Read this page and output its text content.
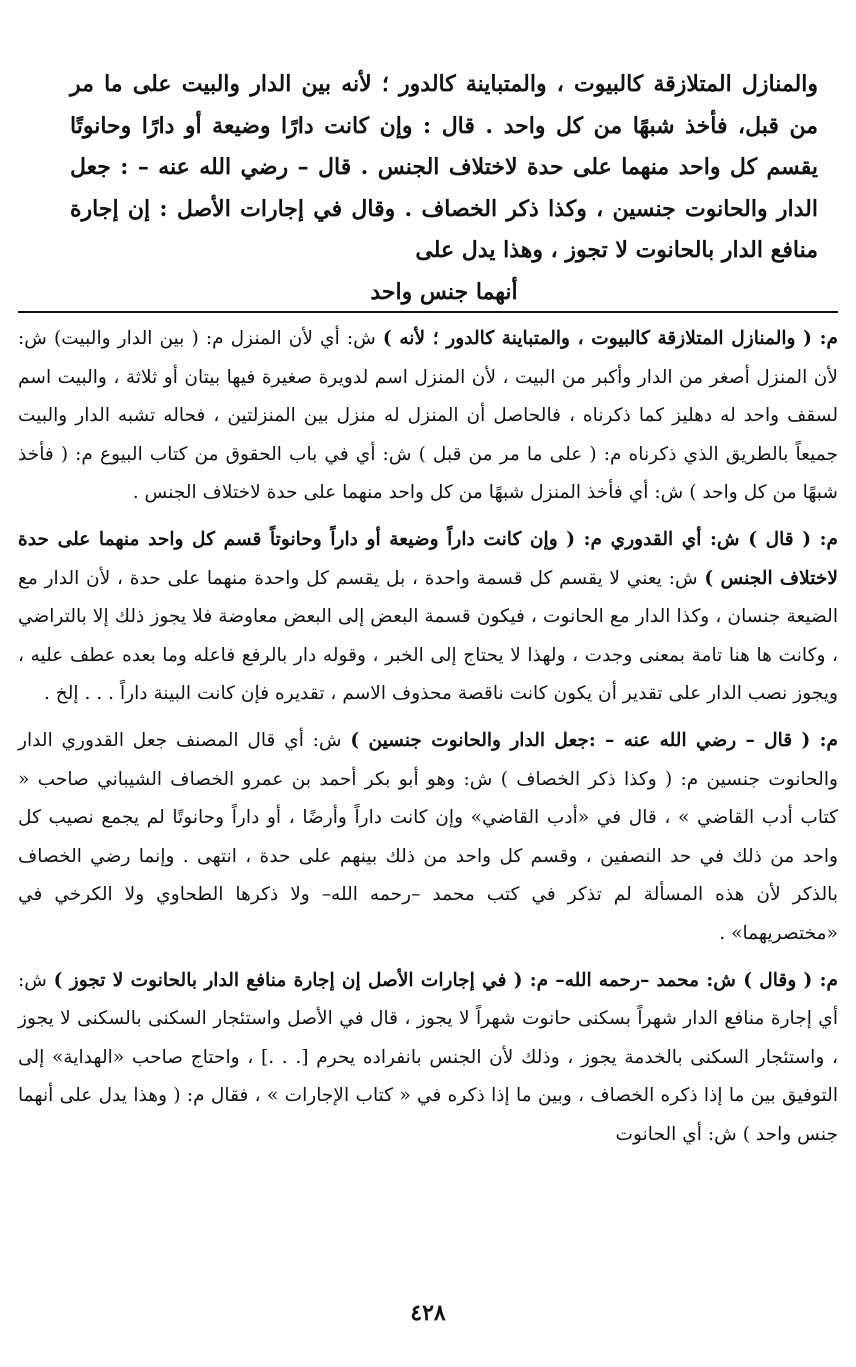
والمنازل المتلازقة كالبيوت ، والمتباينة كالدور ؛ لأنه بين الدار والبيت على ما مر من قبل، فأخذ شبهًا من كل واحد . قال : وإن كانت دارًا وضيعة أو دارًا وحانوتًا يقسم كل واحد منهما على حدة لاختلاف الجنس . قال – رضي الله عنه – : جعل الدار والحانوت جنسين ، وكذا ذكر الخصاف . وقال في إجارات الأصل : إن إجارة منافع الدار بالحانوت لا تجوز ، وهذا يدل على
أنهما جنس واحد

م: ( والمنازل المتلازقة كالبيوت ، والمتباينة كالدور ؛ لأنه ) ش: أي لأن المنزل م: ( بين الدار والبيت) ش: لأن المنزل أصغر من الدار وأكبر من البيت ، لأن المنزل اسم لدويرة صغيرة فيها بيتان أو ثلاثة ، والبيت اسم لسقف واحد له دهليز كما ذكرناه ، فالحاصل أن المنزل له منزل بين المنزلتين ، فحاله تشبه الدار والبيت جميعاً بالطريق الذي ذكرناه م: ( على ما مر من قبل ) ش: أي في باب الحقوق من كتاب البيوع م: ( فأخذ شبهًا من كل واحد ) ش: أي فأخذ المنزل شبهًا من كل واحد منهما على حدة لاختلاف الجنس .

م: ( قال ) ش: أي القدوري م: ( وإن كانت داراً وضيعة أو داراً وحانوتاً قسم كل واحد منهما على حدة لاختلاف الجنس ) ش: يعني لا يقسم كل قسمة واحدة ، بل يقسم كل واحدة منهما على حدة ، لأن الدار مع الضيعة جنسان ، وكذا الدار مع الحانوت ، فيكون قسمة البعض إلى البعض معاوضة فلا يجوز ذلك إلا بالتراضي ، وكانت ها هنا تامة بمعنى وجدت ، ولهذا لا يحتاج إلى الخبر ، وقوله دار بالرفع فاعله وما بعده عطف عليه ، ويجوز نصب الدار على تقدير أن يكون كانت ناقصة محذوف الاسم ، تقديره فإن كانت البينة داراً . . . إلخ .

م: ( قال – رضي الله عنه – :جعل الدار والحانوت جنسين ) ش: أي قال المصنف جعل القدوري الدار والحانوت جنسين م: ( وكذا ذكر الخصاف ) ش: وهو أبو بكر أحمد بن عمرو الخصاف الشيباني صاحب « كتاب أدب القاضي » ، قال في «أدب القاضي» وإن كانت داراً وأرضًا ، أو داراً وحانوتًا لم يجمع نصيب كل واحد من ذلك في حد النصفين ، وقسم كل واحد من ذلك بينهم على حدة ، انتهى . وإنما رضي الخصاف بالذكر لأن هذه المسألة لم تذكر في كتب محمد –رحمه الله– ولا ذكرها الطحاوي ولا الكرخي في «مختصريهما» .

م: ( وقال ) ش: محمد –رحمه الله– م: ( في إجارات الأصل إن إجارة منافع الدار بالحانوت لا تجوز ) ش: أي إجارة منافع الدار شهراً بسكنى حانوت شهراً لا يجوز ، قال في الأصل واستئجار السكنى بالسكنى لا يجوز ، واستئجار السكنى بالخدمة يجوز ، وذلك لأن الجنس بانفراده يحرم [. . .] ، واحتاج صاحب «الهداية» إلى التوفيق بين ما إذا ذكره الخصاف ، وبين ما إذا ذكره في « كتاب الإجارات » ، فقال م: ( وهذا يدل على أنهما جنس واحد ) ش: أي الحانوت

٤٢٨
